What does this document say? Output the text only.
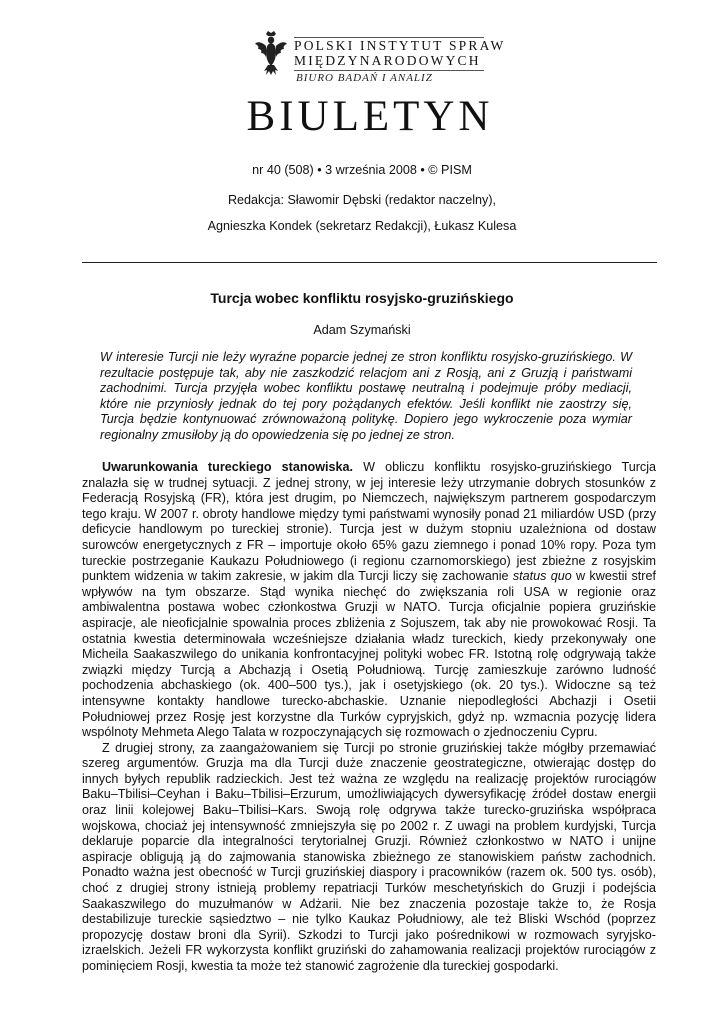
POLSKI INSTYTUT SPRAW
MIĘDZYNARODOWYCH
BIURO BADAŃ I ANALIZ
BIULETYN
nr 40 (508) • 3 września 2008 • © PISM
Redakcja: Sławomir Dębski (redaktor naczelny),
Agnieszka Kondek (sekretarz Redakcji), Łukasz Kulesa
Turcja wobec konfliktu rosyjsko-gruzińskiego
Adam Szymański

W interesie Turcji nie leży wyraźne poparcie jednej ze stron konfliktu rosyjsko-gruzińskiego. W rezultacie postępuje tak, aby nie zaszkodzić relacjom ani z Rosją, ani z Gruzją i państwami zachodnimi. Turcja przyjęła wobec konfliktu postawę neutralną i podejmuje próby mediacji, które nie przyniosły jednak do tej pory pożądanych efektów. Jeśli konflikt nie zaostrzy się, Turcja będzie kontynuować zrównoważoną politykę. Dopiero jego wykroczenie poza wymiar regionalny zmusiłoby ją do opowiedzenia się po jednej ze stron.

Uwarunkowania tureckiego stanowiska. W obliczu konfliktu rosyjsko-gruzińskiego Turcja znalazła się w trudnej sytuacji. Z jednej strony, w jej interesie leży utrzymanie dobrych stosunków z Federacją Rosyjską (FR), która jest drugim, po Niemczech, największym partnerem gospodarczym tego kraju. W 2007 r. obroty handlowe między tymi państwami wynosiły ponad 21 miliardów USD (przy deficycie handlowym po tureckiej stronie). Turcja jest w dużym stopniu uzależniona od dostaw surowców energetycznych z FR – importuje około 65% gazu ziemnego i ponad 10% ropy. Poza tym tureckie postrzeganie Kaukazu Południowego (i regionu czarnomorskiego) jest zbieżne z rosyjskim punktem widzenia w takim zakresie, w jakim dla Turcji liczy się zachowanie status quo w kwestii stref wpływów na tym obszarze. Stąd wynika niechęć do zwiększania roli USA w regionie oraz ambiwalentna postawa wobec członkostwa Gruzji w NATO. Turcja oficjalnie popiera gruzińskie aspiracje, ale nieoficjalnie spowalnia proces zbliżenia z Sojuszem, tak aby nie prowokować Rosji. Ta ostatnia kwestia determinowała wcześniejsze działania władz tureckich, kiedy przekonywały one Micheila Saakaszwilego do unikania konfrontacyjnej polityki wobec FR. Istotną rolę odgrywają także związki między Turcją a Abchazją i Osetią Południową. Turcję zamieszkuje zarówno ludność pochodzenia abchaskiego (ok. 400–500 tys.), jak i osetyjskiego (ok. 20 tys.). Widoczne są też intensywne kontakty handlowe turecko-abchaskie. Uznanie niepodległości Abchazji i Osetii Południowej przez Rosję jest korzystne dla Turków cypryjskich, gdyż np. wzmacnia pozycję lidera wspólnoty Mehmeta Alego Talata w rozpoczynających się rozmowach o zjednoczeniu Cypru.

Z drugiej strony, za zaangażowaniem się Turcji po stronie gruzińskiej także mógłby przemawiać szereg argumentów. Gruzja ma dla Turcji duże znaczenie geostrategiczne, otwierając dostęp do innych byłych republik radzieckich. Jest też ważna ze względu na realizację projektów rurociągów Baku–Tbilisi–Ceyhan i Baku–Tbilisi–Erzurum, umożliwiających dywersyfikację źródeł dostaw energii oraz linii kolejowej Baku–Tbilisi–Kars. Swoją rolę odgrywa także turecko-gruzińska współpraca wojskowa, chociaż jej intensywność zmniejszyła się po 2002 r. Z uwagi na problem kurdyjski, Turcja deklaruje poparcie dla integralności terytorialnej Gruzji. Również członkostwo w NATO i unijne aspiracje obligują ją do zajmowania stanowiska zbieżnego ze stanowiskiem państw zachodnich. Ponadto ważna jest obecność w Turcji gruzińskiej diaspory i pracowników (razem ok. 500 tys. osób), choć z drugiej strony istnieją problemy repatriacji Turków meschetyńskich do Gruzji i podejścia Saakaszwilego do muzułmanów w Adżarii. Nie bez znaczenia pozostaje także to, że Rosja destabilizuje tureckie sąsiedztwo – nie tylko Kaukaz Południowy, ale też Bliski Wschód (poprzez propozycję dostaw broni dla Syrii). Szkodzi to Turcji jako pośrednikowi w rozmowach syryjsko-izraelskich. Jeżeli FR wykorzysta konflikt gruziński do zahamowania realizacji projektów rurociągów z pominięciem Rosji, kwestia ta może też stanowić zagrożenie dla tureckiej gospodarki.
